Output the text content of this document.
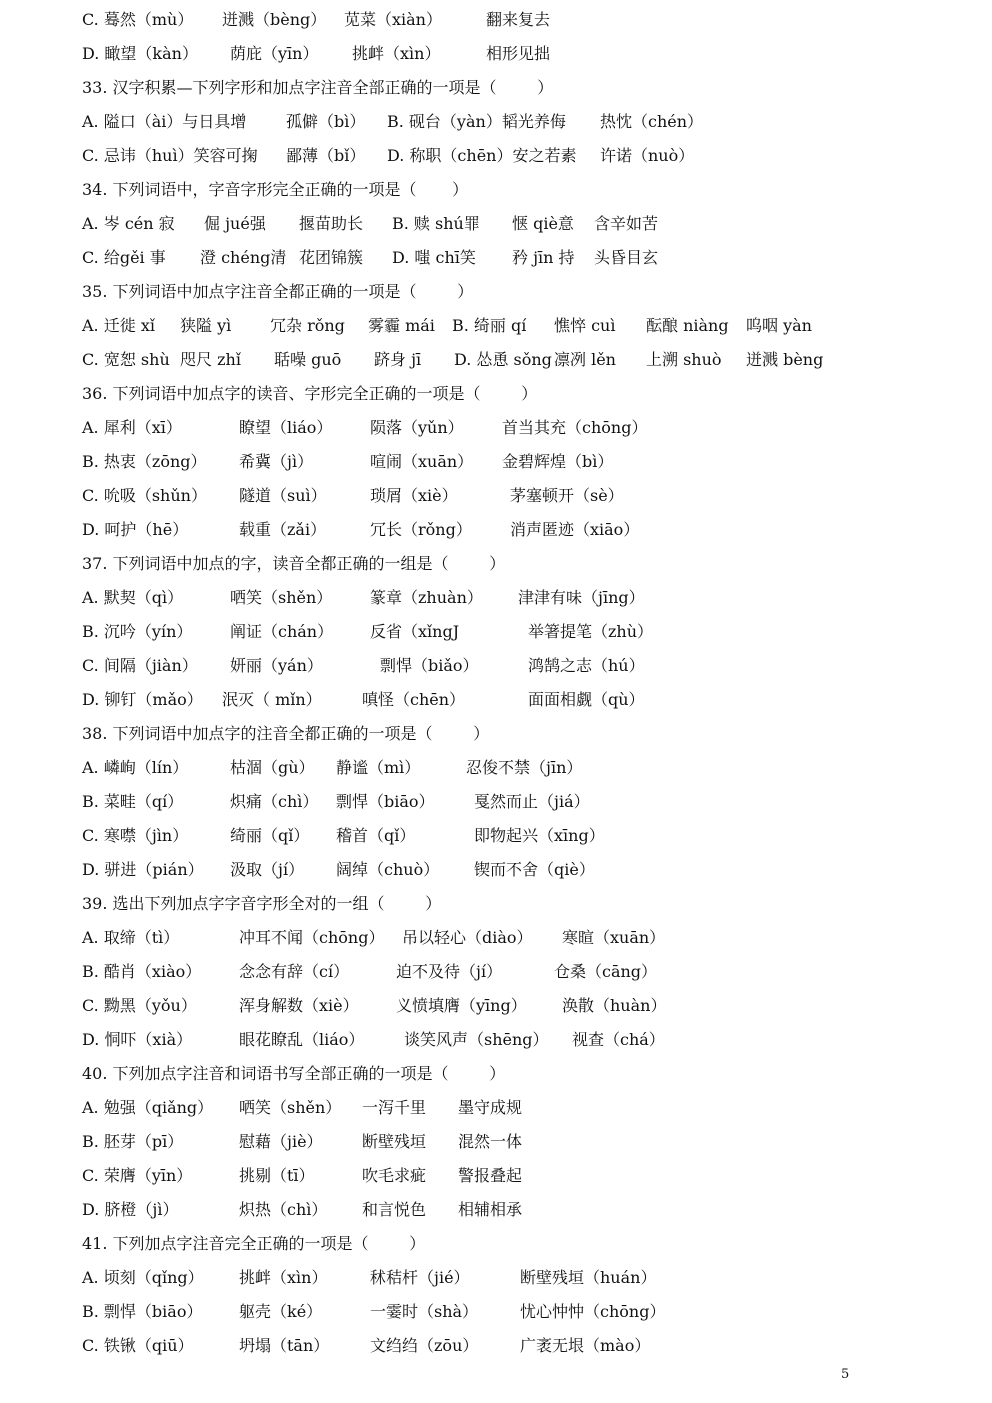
C. 蓦然（mù） 迸溅（bèng） 苋菜（xiàn）	翻来复去
D. 瞰望（kàn） 荫庇（yīn） 挑衅（xìn）	相形见拙
33. 汉字积累—下列字形和加点字注音全部正确的一项是（        ）
A. 隘口（ài）与日具增 孤僻（bì） B. 砚台（yàn）韬光养侮 热忱（chén）
C. 忌讳（huì）笑容可掬 鄙薄（bǐ） D. 称职（chēn）安之若素 许诺（nuò）
34. 下列词语中，字音字形完全正确的一项是（       ）
A. 岑 cén 寂 倔 jué强 揠苗助长 B. 赎 shú罪 惬 qiè意 含辛如苦
C. 给gěi 事 澄 chéng清 花团锦簇 D. 嗤 chī笑 矜 jīn 持 头昏目玄
35. 下列词语中加点字注音全都正确的一项是（        ）
A. 迁徙 xǐ 狭隘 yì 冗杂 rǒng 雾霾 mái B. 绮丽 qí 憔悴 cuì 酝酿 niàng 呜咽 yàn
C. 宽恕 shù 咫尺 zhǐ 聒噪 guō 跻身 jī D. 怂恿 sǒng 凛冽 lěn 上溯 shuò 迸溅 bèng
36. 下列词语中加点字的读音、字形完全正确的一项是（        ）
A. 犀利（xī）	瞭望（liáo） 陨落（yǔn） 首当其充（chōng）
B. 热衷（zōng） 希冀（jì）	喧闹（xuān） 金碧辉煌（bì）
C. 吮吸（shǔn） 隧道（suì）	琐屑（xiè）	茅塞顿开（sè）
D. 呵护（hē）	载重（zǎi）	冗长（rǒng） 消声匿迹（xiāo）
37. 下列词语中加点的字，读音全都正确的一组是（        ）
A. 默契（qì）	哂笑（shěn） 篆章（zhuàn） 津津有味（jīng）
B. 沉吟（yín） 阐证（chán） 反省（xǐngJ	举箸提笔（zhù）
C. 间隔（jiàn） 妍丽（yán）	剽悍（biǎo）	鸿鹄之志（hú）
D. 铆钉（mǎo） 泯灭（ mǐn）	嗔怪（chēn）	面面相觑（qù）
38. 下列词语中加点字的注音全都正确的一项是（        ）
A. 嶙峋（lín）	枯涸（gù） 静谧（mì）	忍俊不禁（jīn）
B. 菜畦（qí）	炽痛（chì） 剽悍（biāo） 戛然而止（jiá）
C. 寒噤（jìn）	绮丽（qǐ） 稽首（qǐ）	即物起兴（xīng）
D. 骈进（pián） 汲取（jí） 阔绰（chuò） 锲而不舍（qiè）
39. 选出下列加点字字音字形全对的一组（        ）
A. 取缔（tì）	冲耳不闻（chōng） 吊以轻心（diào） 寒暄（xuān）
B. 酷肖（xiào） 念念有辞（cí）	迫不及待（jí）	仓桑（cāng）
C. 黝黑（yǒu）	浑身解数（xiè） 义愤填膺（yīng） 涣散（huàn）
D. 恫吓（xià）	眼花瞭乱（liáo） 谈笑风声（shēng） 视查（chá）
40. 下列加点字注音和词语书写全部正确的一项是（        ）
A. 勉强（qiǎng） 哂笑（shěn） 一泻千里 墨守成规
B. 胚芽（pī）	慰藉（jiè） 断壁残垣 混然一体
C. 荣膺（yīn）	挑剔（tī）	吹毛求疵 警报叠起
D. 脐橙（jì）	炽热（chì） 和言悦色 相辅相承
41. 下列加点字注音完全正确的一项是（        ）
A. 顷刻（qǐng） 挑衅（xìn）	秫秸杆（jié）	断壁残垣（huán）
B. 剽悍（biāo） 躯壳（ké）	一霎时（shà）	忧心忡忡（chōng）
C. 铁锹（qiū）	坍塌（tān）	文绉绉（zōu）	广袤无垠（mào）
5
